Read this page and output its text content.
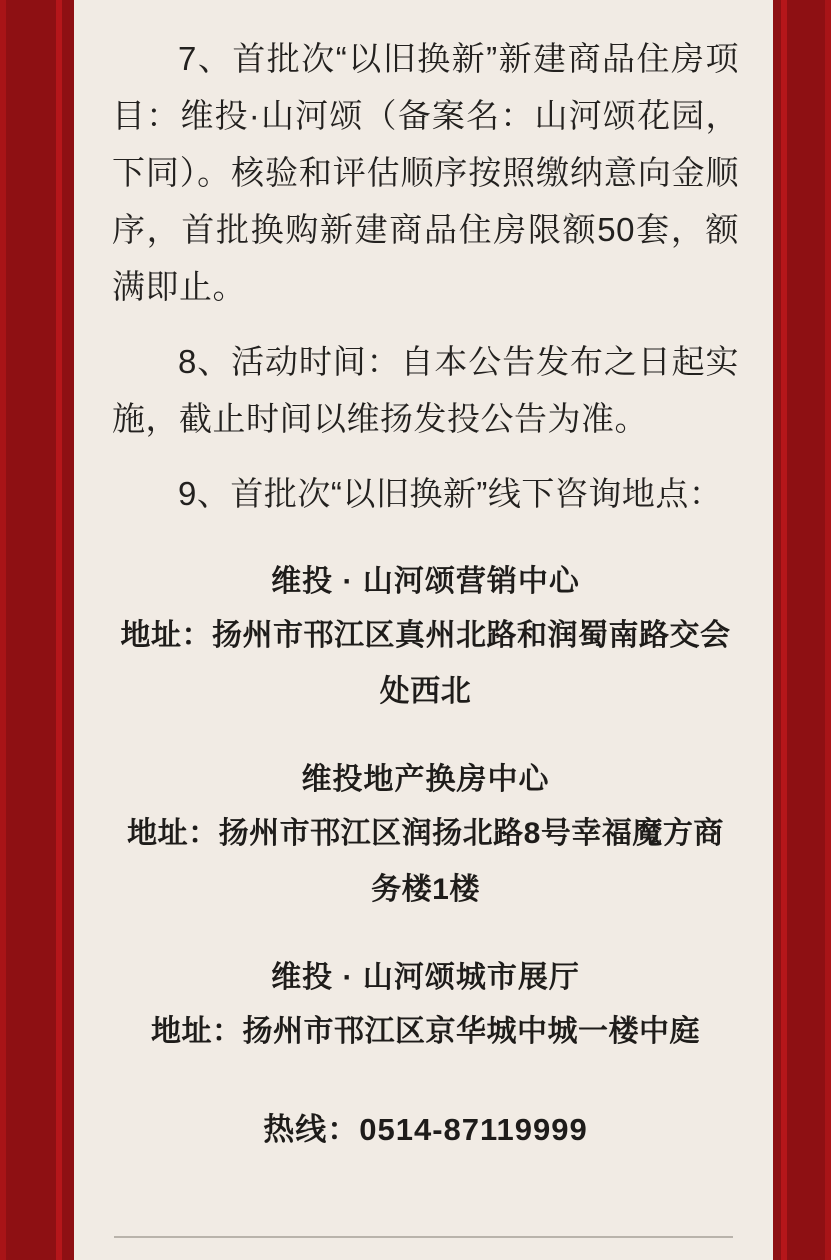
7、首批次“以旧换新”新建商品住房项目：维投·山河颂（备案名：山河颂花园，下同）。核验和评估顺序按照缴纳意向金顺序，首批换购新建商品住房限额50套，额满即止。

8、活动时间：自本公告发布之日起实施，截止时间以维扬发投公告为准。

9、首批次“以旧换新”线下咨询地点：

维投 · 山河颂营销中心
地址：扬州市邗江区真州北路和润蜀南路交会处西北
维投地产换房中心
地址：扬州市邗江区润扬北路8号幸福魔方商务楼1楼
维投 · 山河颂城市展厅
地址：扬州市邗江区京华城中城一楼中庭
热线：0514-87119999
